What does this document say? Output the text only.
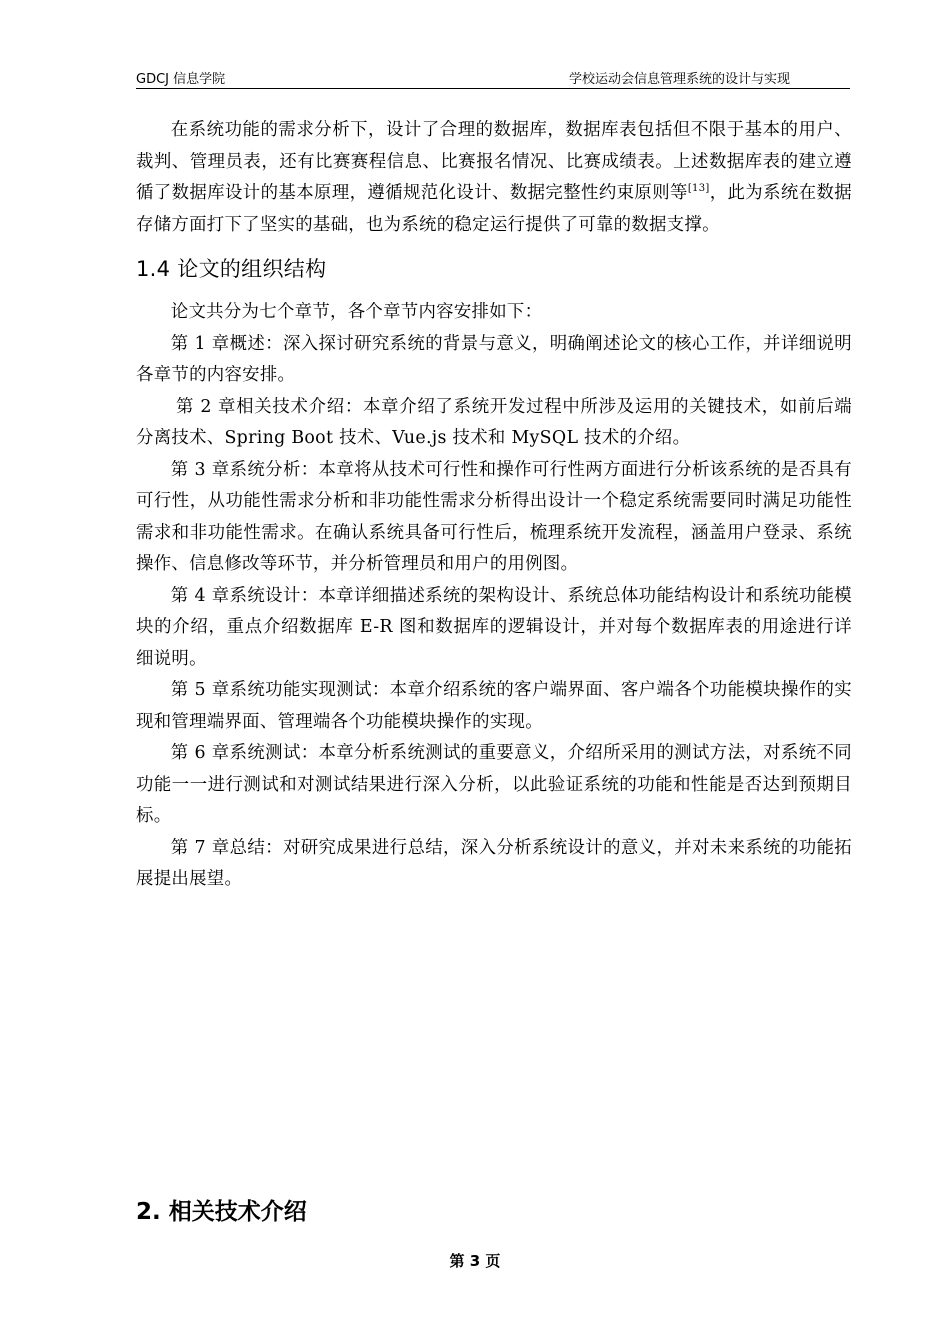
GDCJ 信息学院	学校运动会信息管理系统的设计与实现

在系统功能的需求分析下，设计了合理的数据库，数据库表包括但不限于基本的用户、裁判、管理员表，还有比赛赛程信息、比赛报名情况、比赛成绩表。上述数据库表的建立遵循了数据库设计的基本原理，遵循规范化设计、数据完整性约束原则等[13]，此为系统在数据存储方面打下了坚实的基础，也为系统的稳定运行提供了可靠的数据支撑。

1.4 论文的组织结构

论文共分为七个章节，各个章节内容安排如下：

第 1 章概述：深入探讨研究系统的背景与意义，明确阐述论文的核心工作，并详细说明各章节的内容安排。

第 2 章相关技术介绍：本章介绍了系统开发过程中所涉及运用的关键技术，如前后端分离技术、Spring Boot 技术、Vue.js 技术和 MySQL 技术的介绍。

第 3 章系统分析：本章将从技术可行性和操作可行性两方面进行分析该系统的是否具有可行性，从功能性需求分析和非功能性需求分析得出设计一个稳定系统需要同时满足功能性需求和非功能性需求。在确认系统具备可行性后，梳理系统开发流程，涵盖用户登录、系统操作、信息修改等环节，并分析管理员和用户的用例图。

第 4 章系统设计：本章详细描述系统的架构设计、系统总体功能结构设计和系统功能模块的介绍，重点介绍数据库 E-R 图和数据库的逻辑设计，并对每个数据库表的用途进行详细说明。

第 5 章系统功能实现测试：本章介绍系统的客户端界面、客户端各个功能模块操作的实现和管理端界面、管理端各个功能模块操作的实现。

第 6 章系统测试：本章分析系统测试的重要意义，介绍所采用的测试方法，对系统不同功能一一进行测试和对测试结果进行深入分析，以此验证系统的功能和性能是否达到预期目标。

第 7 章总结：对研究成果进行总结，深入分析系统设计的意义，并对未来系统的功能拓展提出展望。

2. 相关技术介绍
第 3 页
